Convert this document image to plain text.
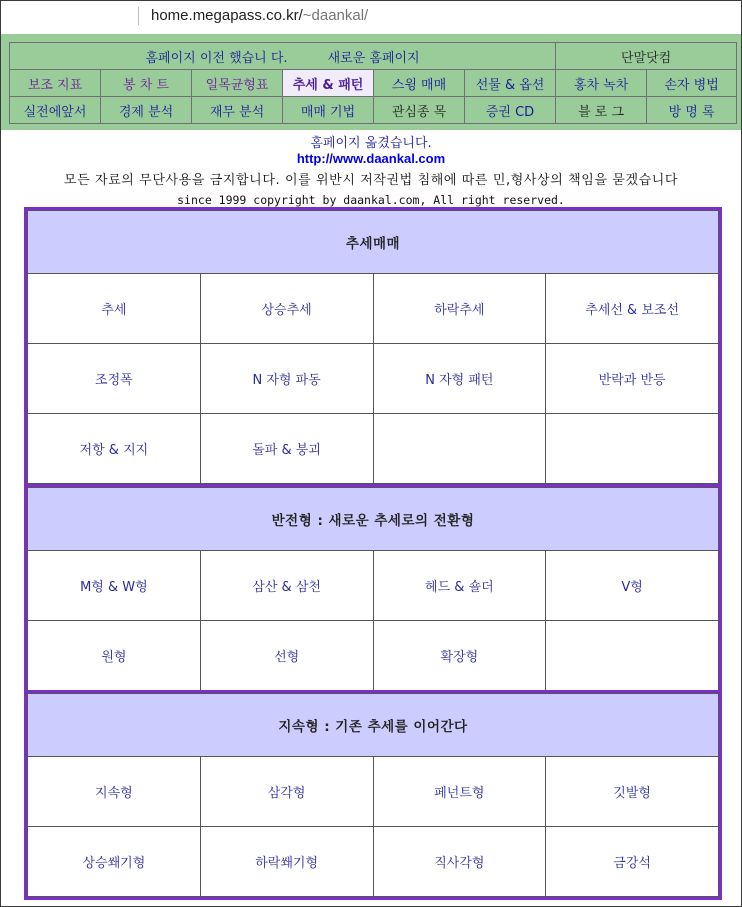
home.megapass.co.kr/~daankal/
홈페이지 이전 했습니 다. 새로운 홈페이지						단말닷컴	
보조 지표	봉 차 트	일목균형표	추세 & 패턴	스윙 매매	선물 & 옵션	홍차 녹차	손자 병법
실전에앞서	경제 분석	재무 분석	매매 기법	관심종 목	증권 CD	블 로 그	방 명 록
홈페이지 옮겼습니다.
http://www.daankal.com
모든 자료의 무단사용을 금지합니다. 이를 위반시 저작권법 침해에 따른 민,형사상의 책임을 묻겠습니다
since 1999 copyright by daankal.com, All right reserved.
추세매매			
추세	상승추세	하락추세	추세선 & 보조선
조정폭	N 자형 파동	N 자형 패턴	반락과 반등
저항 & 지지	돌파 & 붕괴		
반전형 : 새로운 추세로의 전환형			
M형 & W형	삼산 & 삼천	헤드 & 숄더	V형
원형	선형	확장형	
지속형 : 기존 추세를 이어간다			
지속형	삼각형	페넌트형	깃발형
상승쐐기형	하락쐐기형	직사각형	금강석
